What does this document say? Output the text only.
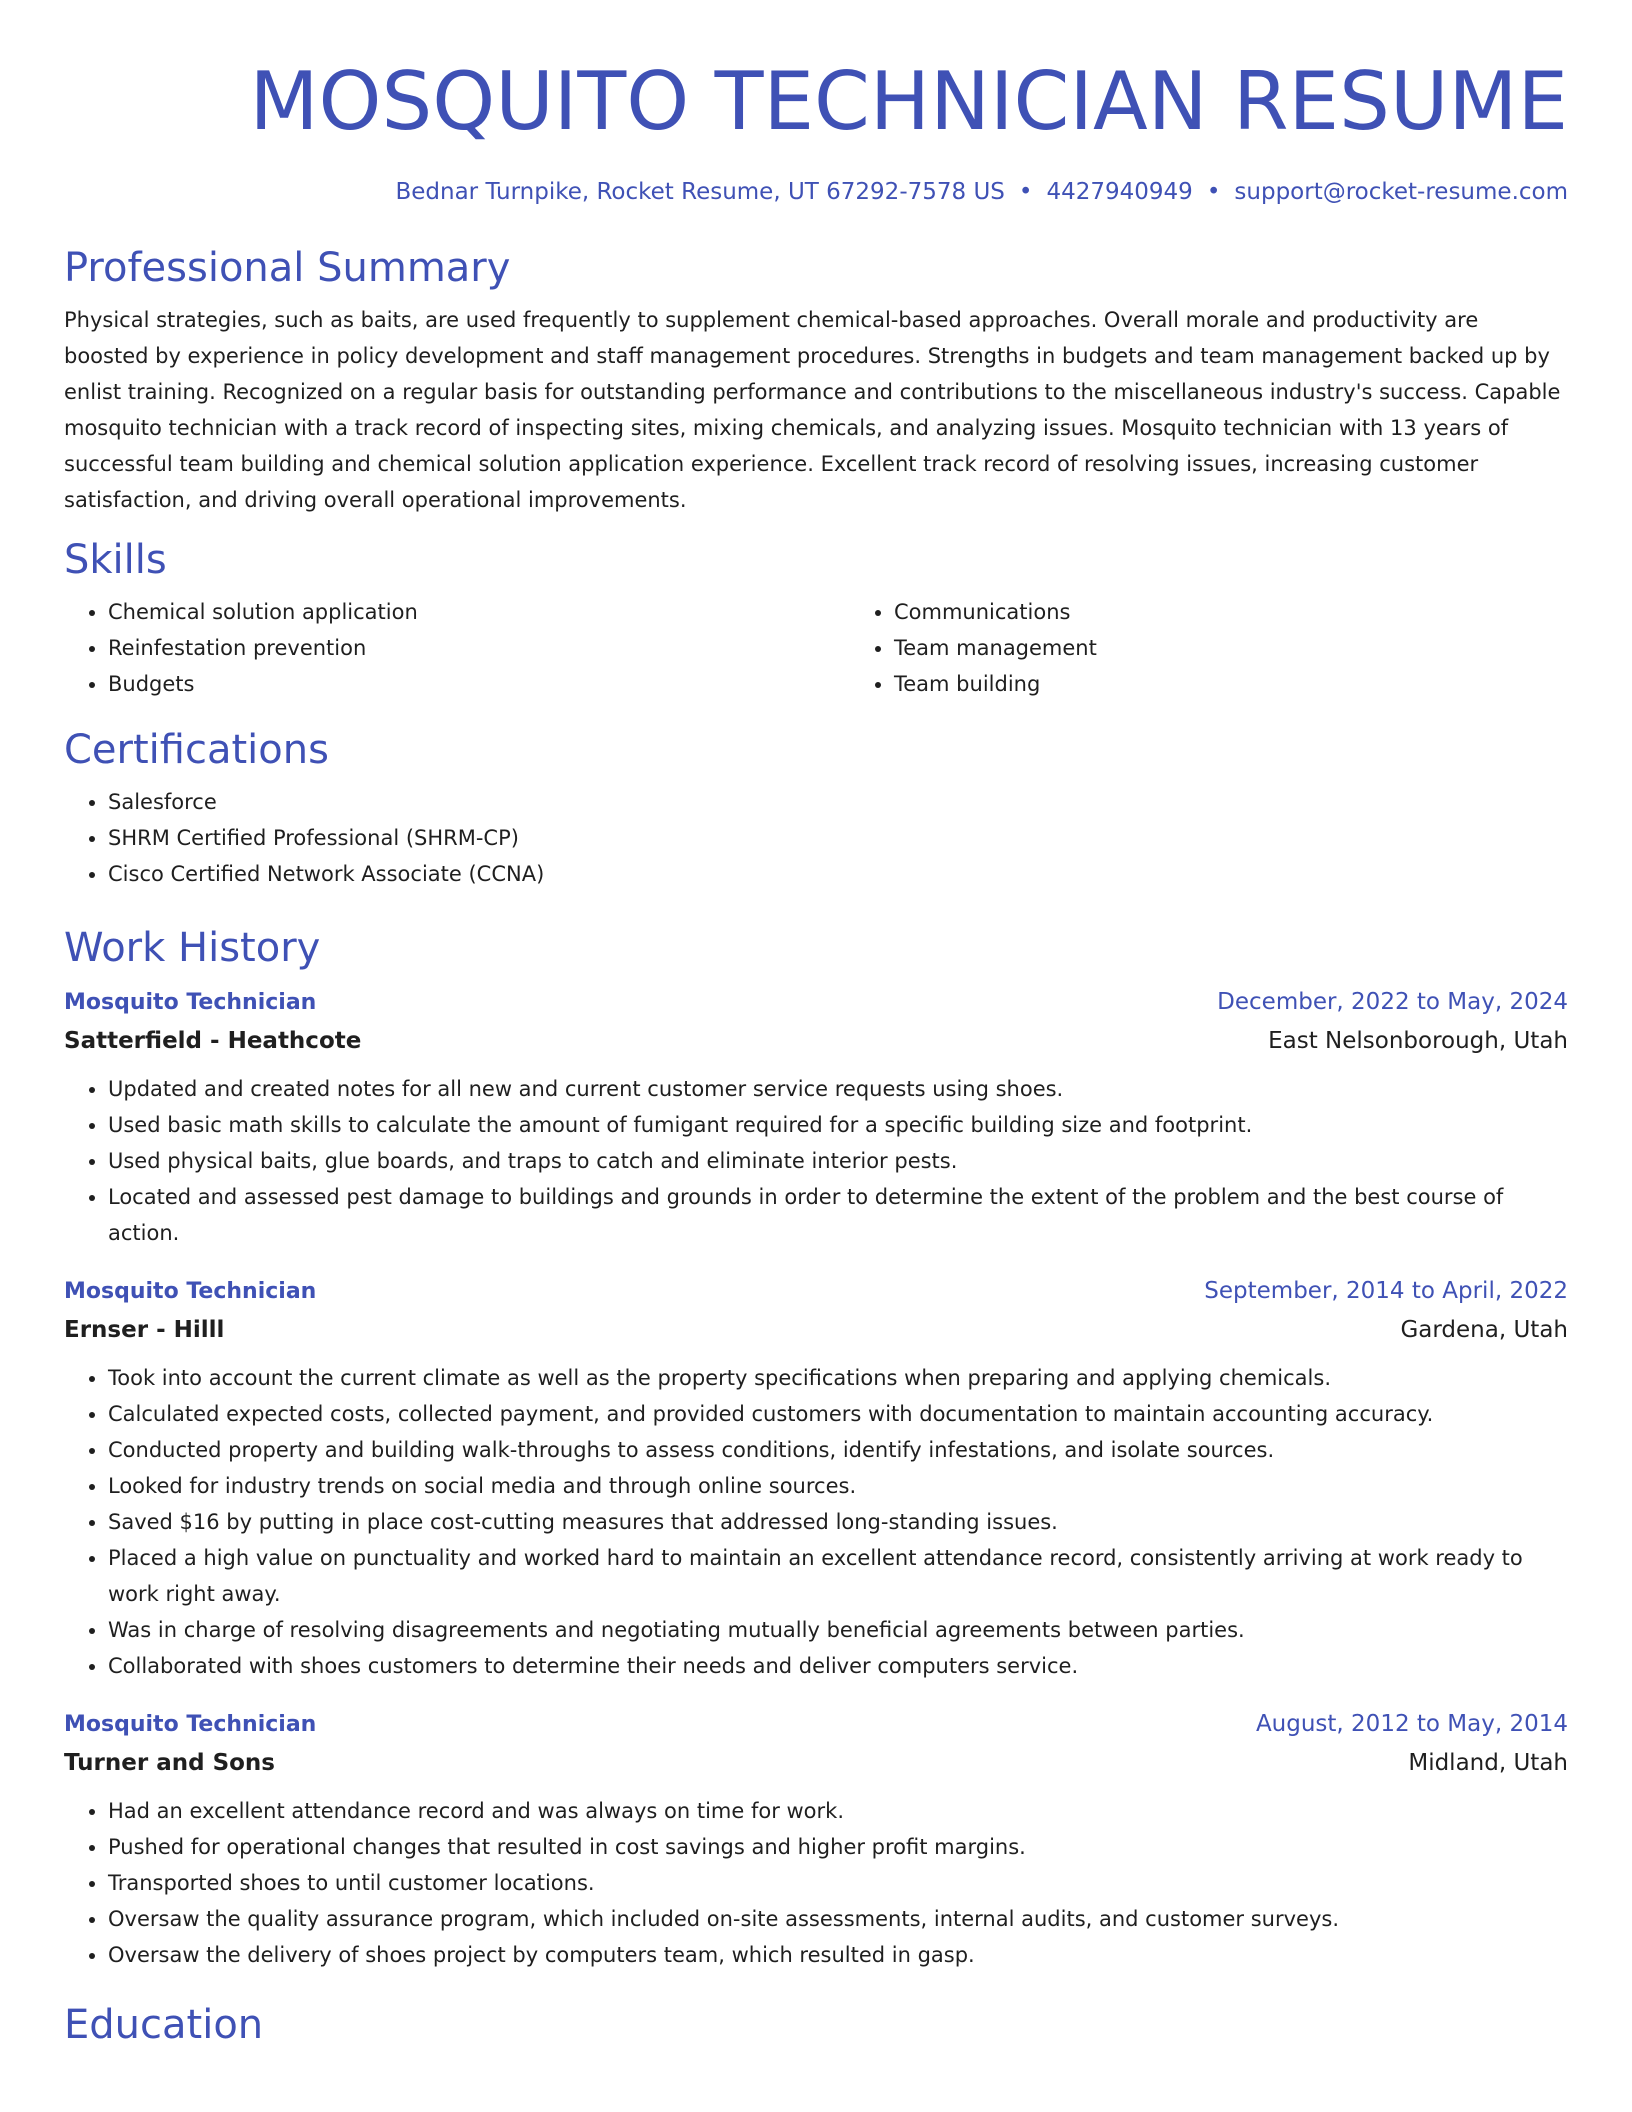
MOSQUITO TECHNICIAN RESUME
Bednar Turnpike, Rocket Resume, UT 67292-7578 US • 4427940949 • support@rocket-resume.com
Professional Summary

Physical strategies, such as baits, are used frequently to supplement chemical-based approaches. Overall morale and productivity are boosted by experience in policy development and staff management procedures. Strengths in budgets and team management backed up by enlist training. Recognized on a regular basis for outstanding performance and contributions to the miscellaneous industry's success. Capable mosquito technician with a track record of inspecting sites, mixing chemicals, and analyzing issues. Mosquito technician with 13 years of successful team building and chemical solution application experience. Excellent track record of resolving issues, increasing customer satisfaction, and driving overall operational improvements.

Skills
• Chemical solution application
• Reinfestation prevention
• Budgets
• Communications
• Team management
• Team building
Certifications
• Salesforce
• SHRM Certified Professional (SHRM-CP)
• Cisco Certified Network Associate (CCNA)
Work History
Mosquito Technician	December, 2022 to May, 2024
Satterfield - Heathcote	East Nelsonborough, Utah
• Updated and created notes for all new and current customer service requests using shoes.
• Used basic math skills to calculate the amount of fumigant required for a specific building size and footprint.
• Used physical baits, glue boards, and traps to catch and eliminate interior pests.
• Located and assessed pest damage to buildings and grounds in order to determine the extent of the problem and the best course of action.
Mosquito Technician	September, 2014 to April, 2022
Ernser - Hilll	Gardena, Utah
• Took into account the current climate as well as the property specifications when preparing and applying chemicals.
• Calculated expected costs, collected payment, and provided customers with documentation to maintain accounting accuracy.
• Conducted property and building walk-throughs to assess conditions, identify infestations, and isolate sources.
• Looked for industry trends on social media and through online sources.
• Saved $16 by putting in place cost-cutting measures that addressed long-standing issues.
• Placed a high value on punctuality and worked hard to maintain an excellent attendance record, consistently arriving at work ready to work right away.
• Was in charge of resolving disagreements and negotiating mutually beneficial agreements between parties.
• Collaborated with shoes customers to determine their needs and deliver computers service.
Mosquito Technician	August, 2012 to May, 2014
Turner and Sons	Midland, Utah
• Had an excellent attendance record and was always on time for work.
• Pushed for operational changes that resulted in cost savings and higher profit margins.
• Transported shoes to until customer locations.
• Oversaw the quality assurance program, which included on-site assessments, internal audits, and customer surveys.
• Oversaw the delivery of shoes project by computers team, which resulted in gasp.
Education
